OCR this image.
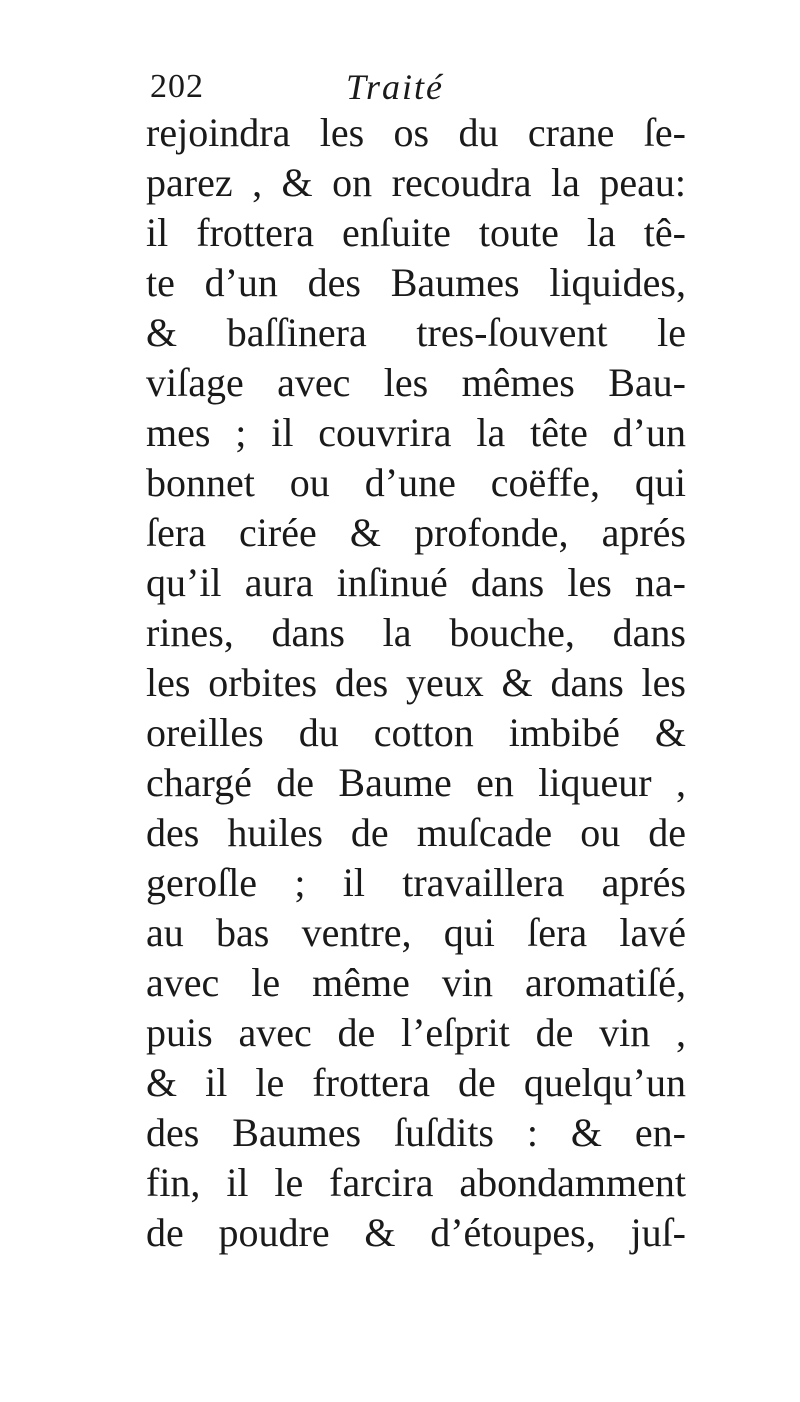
202	Traité
rejoindra les os du crane ſe-
parez , & on recoudra la peau:
il frottera enſuite toute la tê-
te d’un des Baumes liquides,
& baſſinera tres-ſouvent le
viſage avec les mêmes Bau-
mes ; il couvrira la tête d’un
bonnet ou d’une coëffe, qui
ſera cirée & profonde, aprés
qu’il aura inſinué dans les na-
rines, dans la bouche, dans
les orbites des yeux & dans les
oreilles du cotton imbibé &
chargé de Baume en liqueur ,
des huiles de muſcade ou de
geroſle ; il travaillera aprés
au bas ventre, qui ſera lavé
avec le même vin aromatiſé,
puis avec de l’eſprit de vin ,
& il le frottera de quelqu’un
des Baumes ſuſdits : & en-
fin, il le farcira abondamment
de poudre & d’étoupes, juſ-
